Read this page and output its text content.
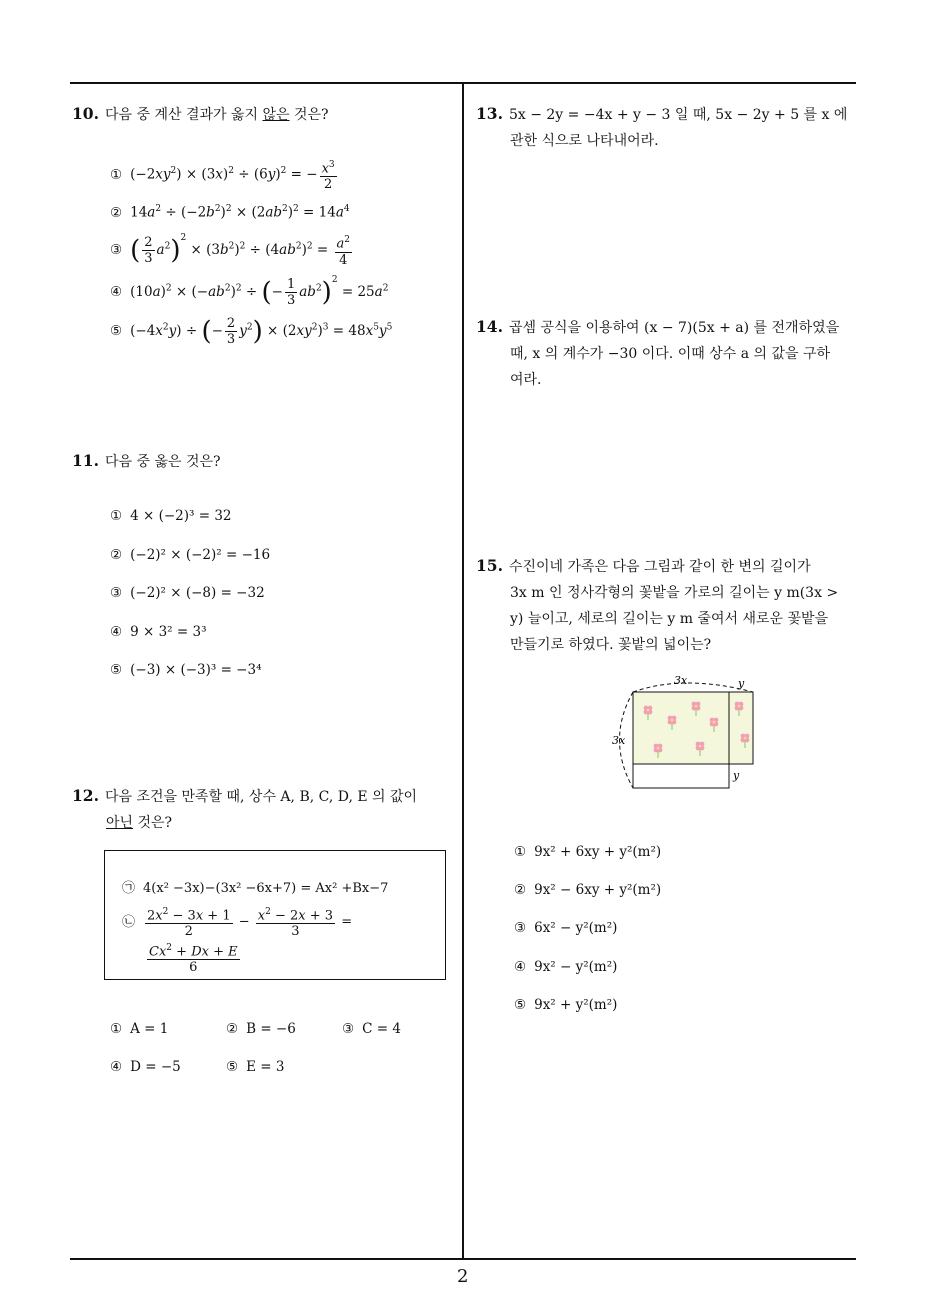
2
10. 다음 중 계산 결과가 옳지 않은 것은?
① $(-2xy^2) \times (3x)^2 \div (6y)^2$ = − $\frac{x^3}{2}$
② $14a^2 \div (-2b^2)^2 \times (2ab^2)^2 = 14a^4$
③ ( $\frac{2}{3} a^2)^2 \times (3b^2)^2 \div (4ab^2)^2 = \frac{a^2}{4}$
④ $(10a)^2 \times (-ab^2)^2$ ÷ (− $\frac{1}{3} ab^2)^2 = 25a^2$
⑤ $(-4x^2y)$ ÷ (− $\frac{2}{3} y^2) \times (2xy^2)^3 = 48x^5y^5$
11. 다음 중 옳은 것은?
① 4 × (−2)³ = 32
② (−2)² × (−2)² = −16
③ (−2)² × (−8) = −32
④ 9 × 3² = 3³
⑤ (−3) × (−3)³ = −3⁴
12. 다음 조건을 만족할 때, 상수 A, B, C, D, E 의 값이
아닌 것은?
㉠ 4(x² −3x)−(3x² −6x+7) = Ax² +Bx−7
㉡ $\frac{2x^2 - 3x + 1}{2} - \frac{x^2 - 2x + 3}{3}$ =
$\frac{Cx^2 + Dx + E}{6}$
① A = 1	② B = −6	③ C = 4
④ D = −5	⑤ E = 3
13. 5x − 2y = −4x + y − 3 일 때, 5x − 2y + 5 를 x 에
관한 식으로 나타내어라.
14. 곱셈 공식을 이용하여 (x − 7)(5x + a) 를 전개하였을
때, x 의 계수가 −30 이다. 이때 상수 a 의 값을 구하
여라.
15. 수진이네 가족은 다음 그림과 같이 한 변의 길이가
3x m 인 정사각형의 꽃밭을 가로의 길이는 y m(3x >
y) 늘이고, 세로의 길이는 y m 줄여서 새로운 꽃밭을
만들기로 하였다. 꽃밭의 넓이는?
3x	y
3x
y
① 9x² + 6xy + y²(m²)
② 9x² − 6xy + y²(m²)
③ 6x² − y²(m²)
④ 9x² − y²(m²)
⑤ 9x² + y²(m²)
